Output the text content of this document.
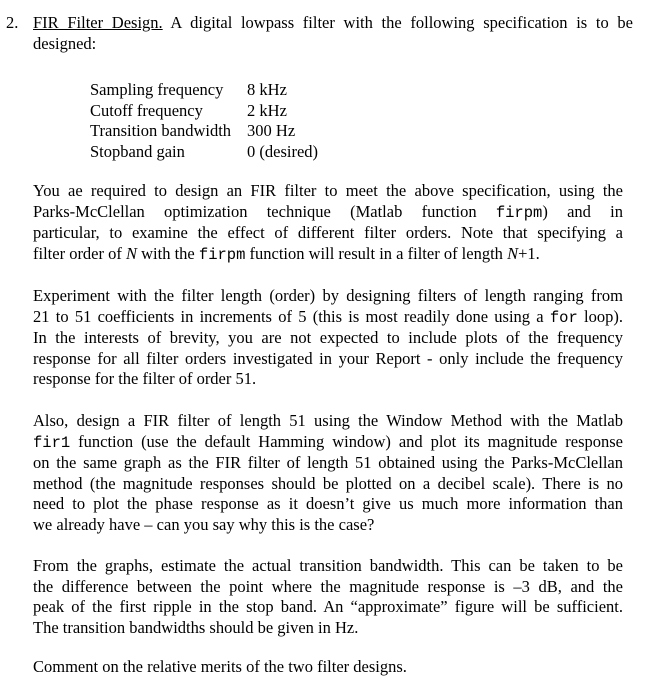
2. FIR Filter Design. A digital lowpass filter with the following specification is to be
designed:
Sampling frequency	8 kHz
Cutoff frequency	2 kHz
Transition bandwidth	300 Hz
Stopband gain	0 (desired)
You ae required to design an FIR filter to meet the above specification, using the
Parks-McClellan optimization technique (Matlab function firpm) and in
particular, to examine the effect of different filter orders. Note that specifying a
filter order of N with the firpm function will result in a filter of length N+1.
Experiment with the filter length (order) by designing filters of length ranging from
21 to 51 coefficients in increments of 5 (this is most readily done using a for loop).
In the interests of brevity, you are not expected to include plots of the frequency
response for all filter orders investigated in your Report - only include the frequency
response for the filter of order 51.
Also, design a FIR filter of length 51 using the Window Method with the Matlab
fir1 function (use the default Hamming window) and plot its magnitude response
on the same graph as the FIR filter of length 51 obtained using the Parks-McClellan
method (the magnitude responses should be plotted on a decibel scale). There is no
need to plot the phase response as it doesn’t give us much more information than
we already have – can you say why this is the case?
From the graphs, estimate the actual transition bandwidth. This can be taken to be
the difference between the point where the magnitude response is –3 dB, and the
peak of the first ripple in the stop band. An “approximate” figure will be sufficient.
The transition bandwidths should be given in Hz.
Comment on the relative merits of the two filter designs.
